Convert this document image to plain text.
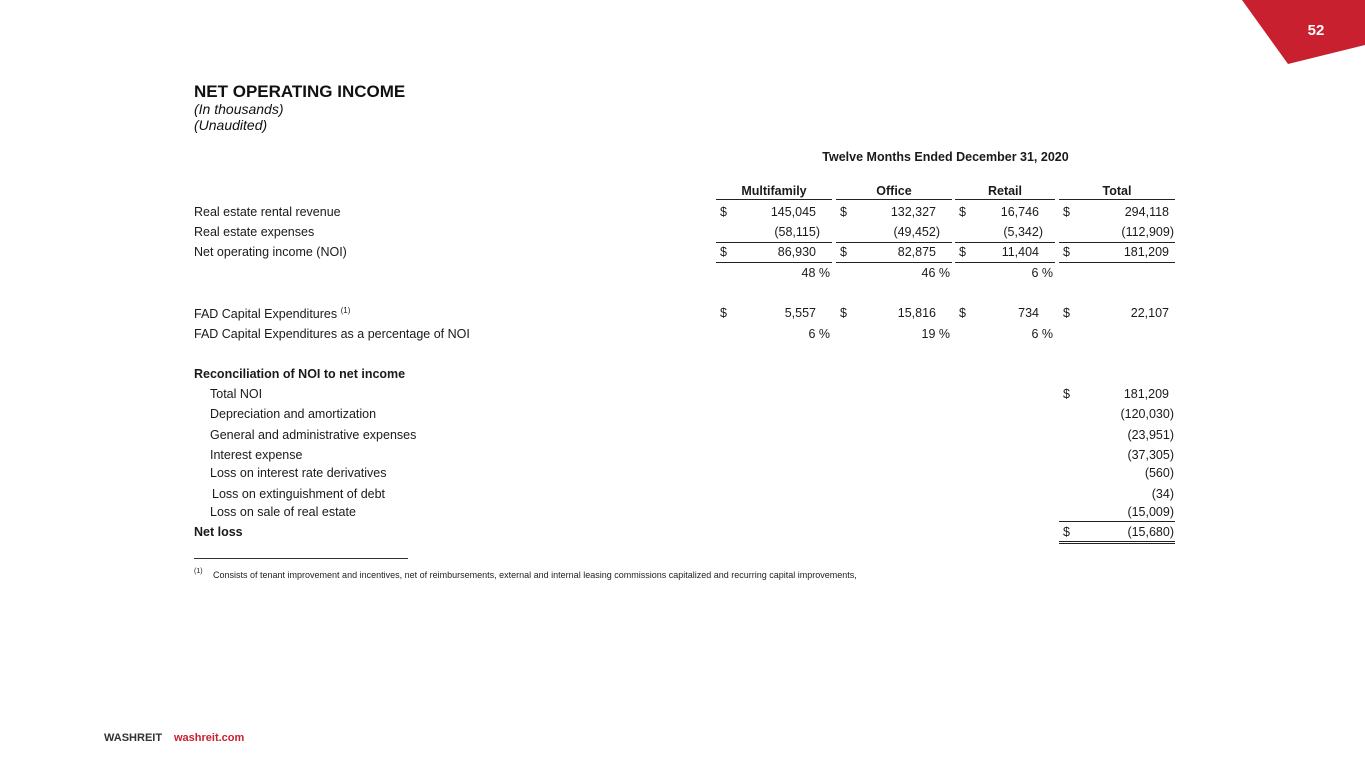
52
NET OPERATING INCOME
(In thousands)
(Unaudited)
Twelve Months Ended December 31, 2020
Multifamily	Office	Retail	Total
Real estate rental revenue	$	145,045 $	132,327 $	16,746 $	294,118
Real estate expenses	(58,115)	(49,452)	(5,342)	(112,909)
Net operating income (NOI)	$	86,930 $	82,875 $	11,404 $	181,209
48 %	46 %	6 %
FAD Capital Expenditures $^{(1)}$	$	5,557 $	15,816 $	734 $	22,107
FAD Capital Expenditures as a percentage of NOI	6 %	19 %	6 %
Reconciliation of NOI to net income
Total NOI	$	181,209
Depreciation and amortization	(120,030)
General and administrative expenses	(23,951)
Interest expense	(37,305)
Loss on interest rate derivatives	(560)
Loss on extinguishment of debt	(34)
Loss on sale of real estate	(15,009)
Net loss	$	(15,680)
(1) Consists of tenant improvement and incentives, net of reimbursements, external and internal leasing commissions capitalized and recurring capital improvements,
WASHREIT washreit.com
